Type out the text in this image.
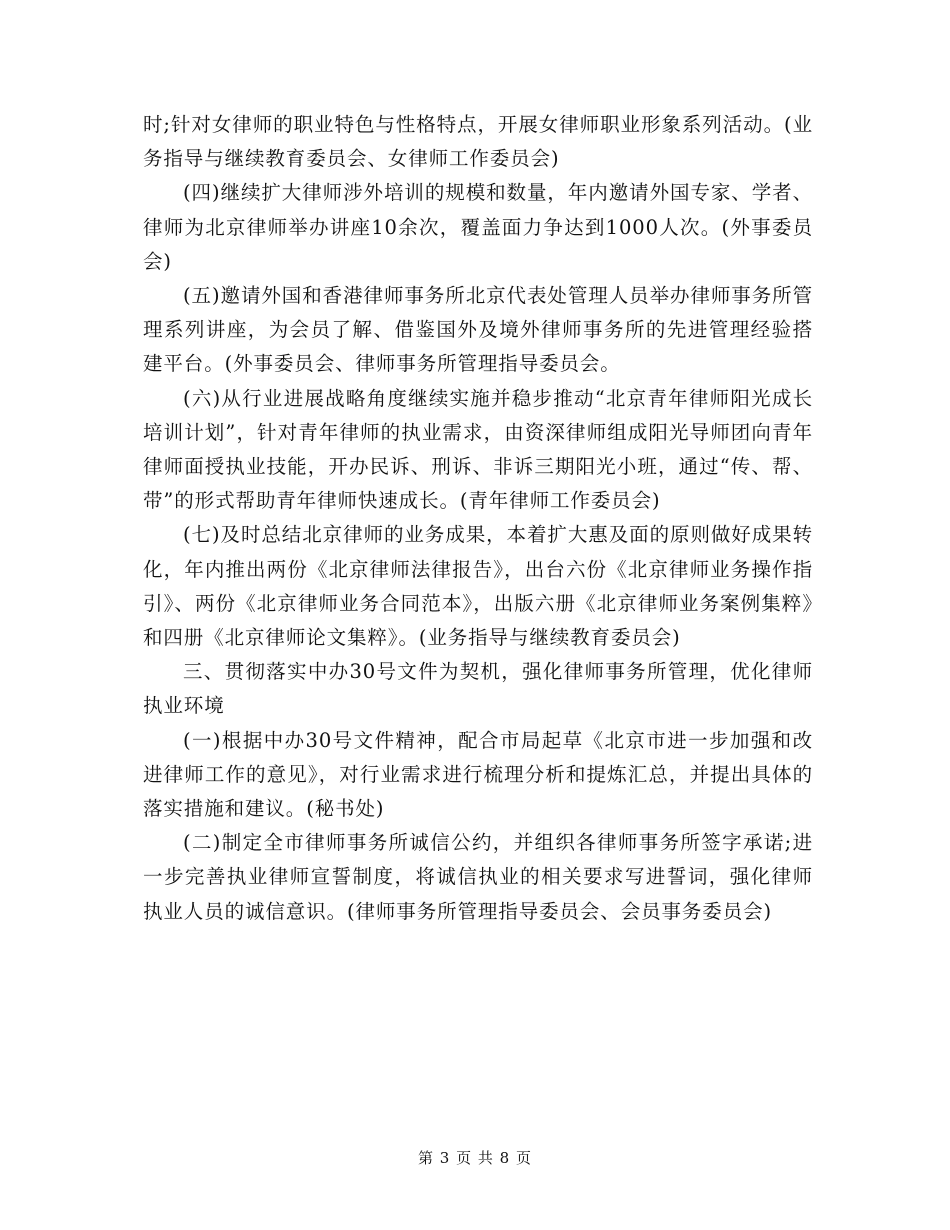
时;针对女律师的职业特色与性格特点，开展女律师职业形象系列活动。(业务指导与继续教育委员会、女律师工作委员会)

(四)继续扩大律师涉外培训的规模和数量，年内邀请外国专家、学者、律师为北京律师举办讲座10余次，覆盖面力争达到1000人次。(外事委员会)

(五)邀请外国和香港律师事务所北京代表处管理人员举办律师事务所管理系列讲座，为会员了解、借鉴国外及境外律师事务所的先进管理经验搭建平台。(外事委员会、律师事务所管理指导委员会。

(六)从行业进展战略角度继续实施并稳步推动“北京青年律师阳光成长培训计划”，针对青年律师的执业需求，由资深律师组成阳光导师团向青年律师面授执业技能，开办民诉、刑诉、非诉三期阳光小班，通过“传、帮、带”的形式帮助青年律师快速成长。(青年律师工作委员会)

(七)及时总结北京律师的业务成果，本着扩大惠及面的原则做好成果转化，年内推出两份《北京律师法律报告》，出台六份《北京律师业务操作指引》、两份《北京律师业务合同范本》，出版六册《北京律师业务案例集粹》和四册《北京律师论文集粹》。(业务指导与继续教育委员会)

三、贯彻落实中办30号文件为契机，强化律师事务所管理，优化律师执业环境

(一)根据中办30号文件精神，配合市局起草《北京市进一步加强和改进律师工作的意见》，对行业需求进行梳理分析和提炼汇总，并提出具体的落实措施和建议。(秘书处)

(二)制定全市律师事务所诚信公约，并组织各律师事务所签字承诺;进一步完善执业律师宣誓制度，将诚信执业的相关要求写进誓词，强化律师执业人员的诚信意识。(律师事务所管理指导委员会、会员事务委员会)

第 3 页 共 8 页
